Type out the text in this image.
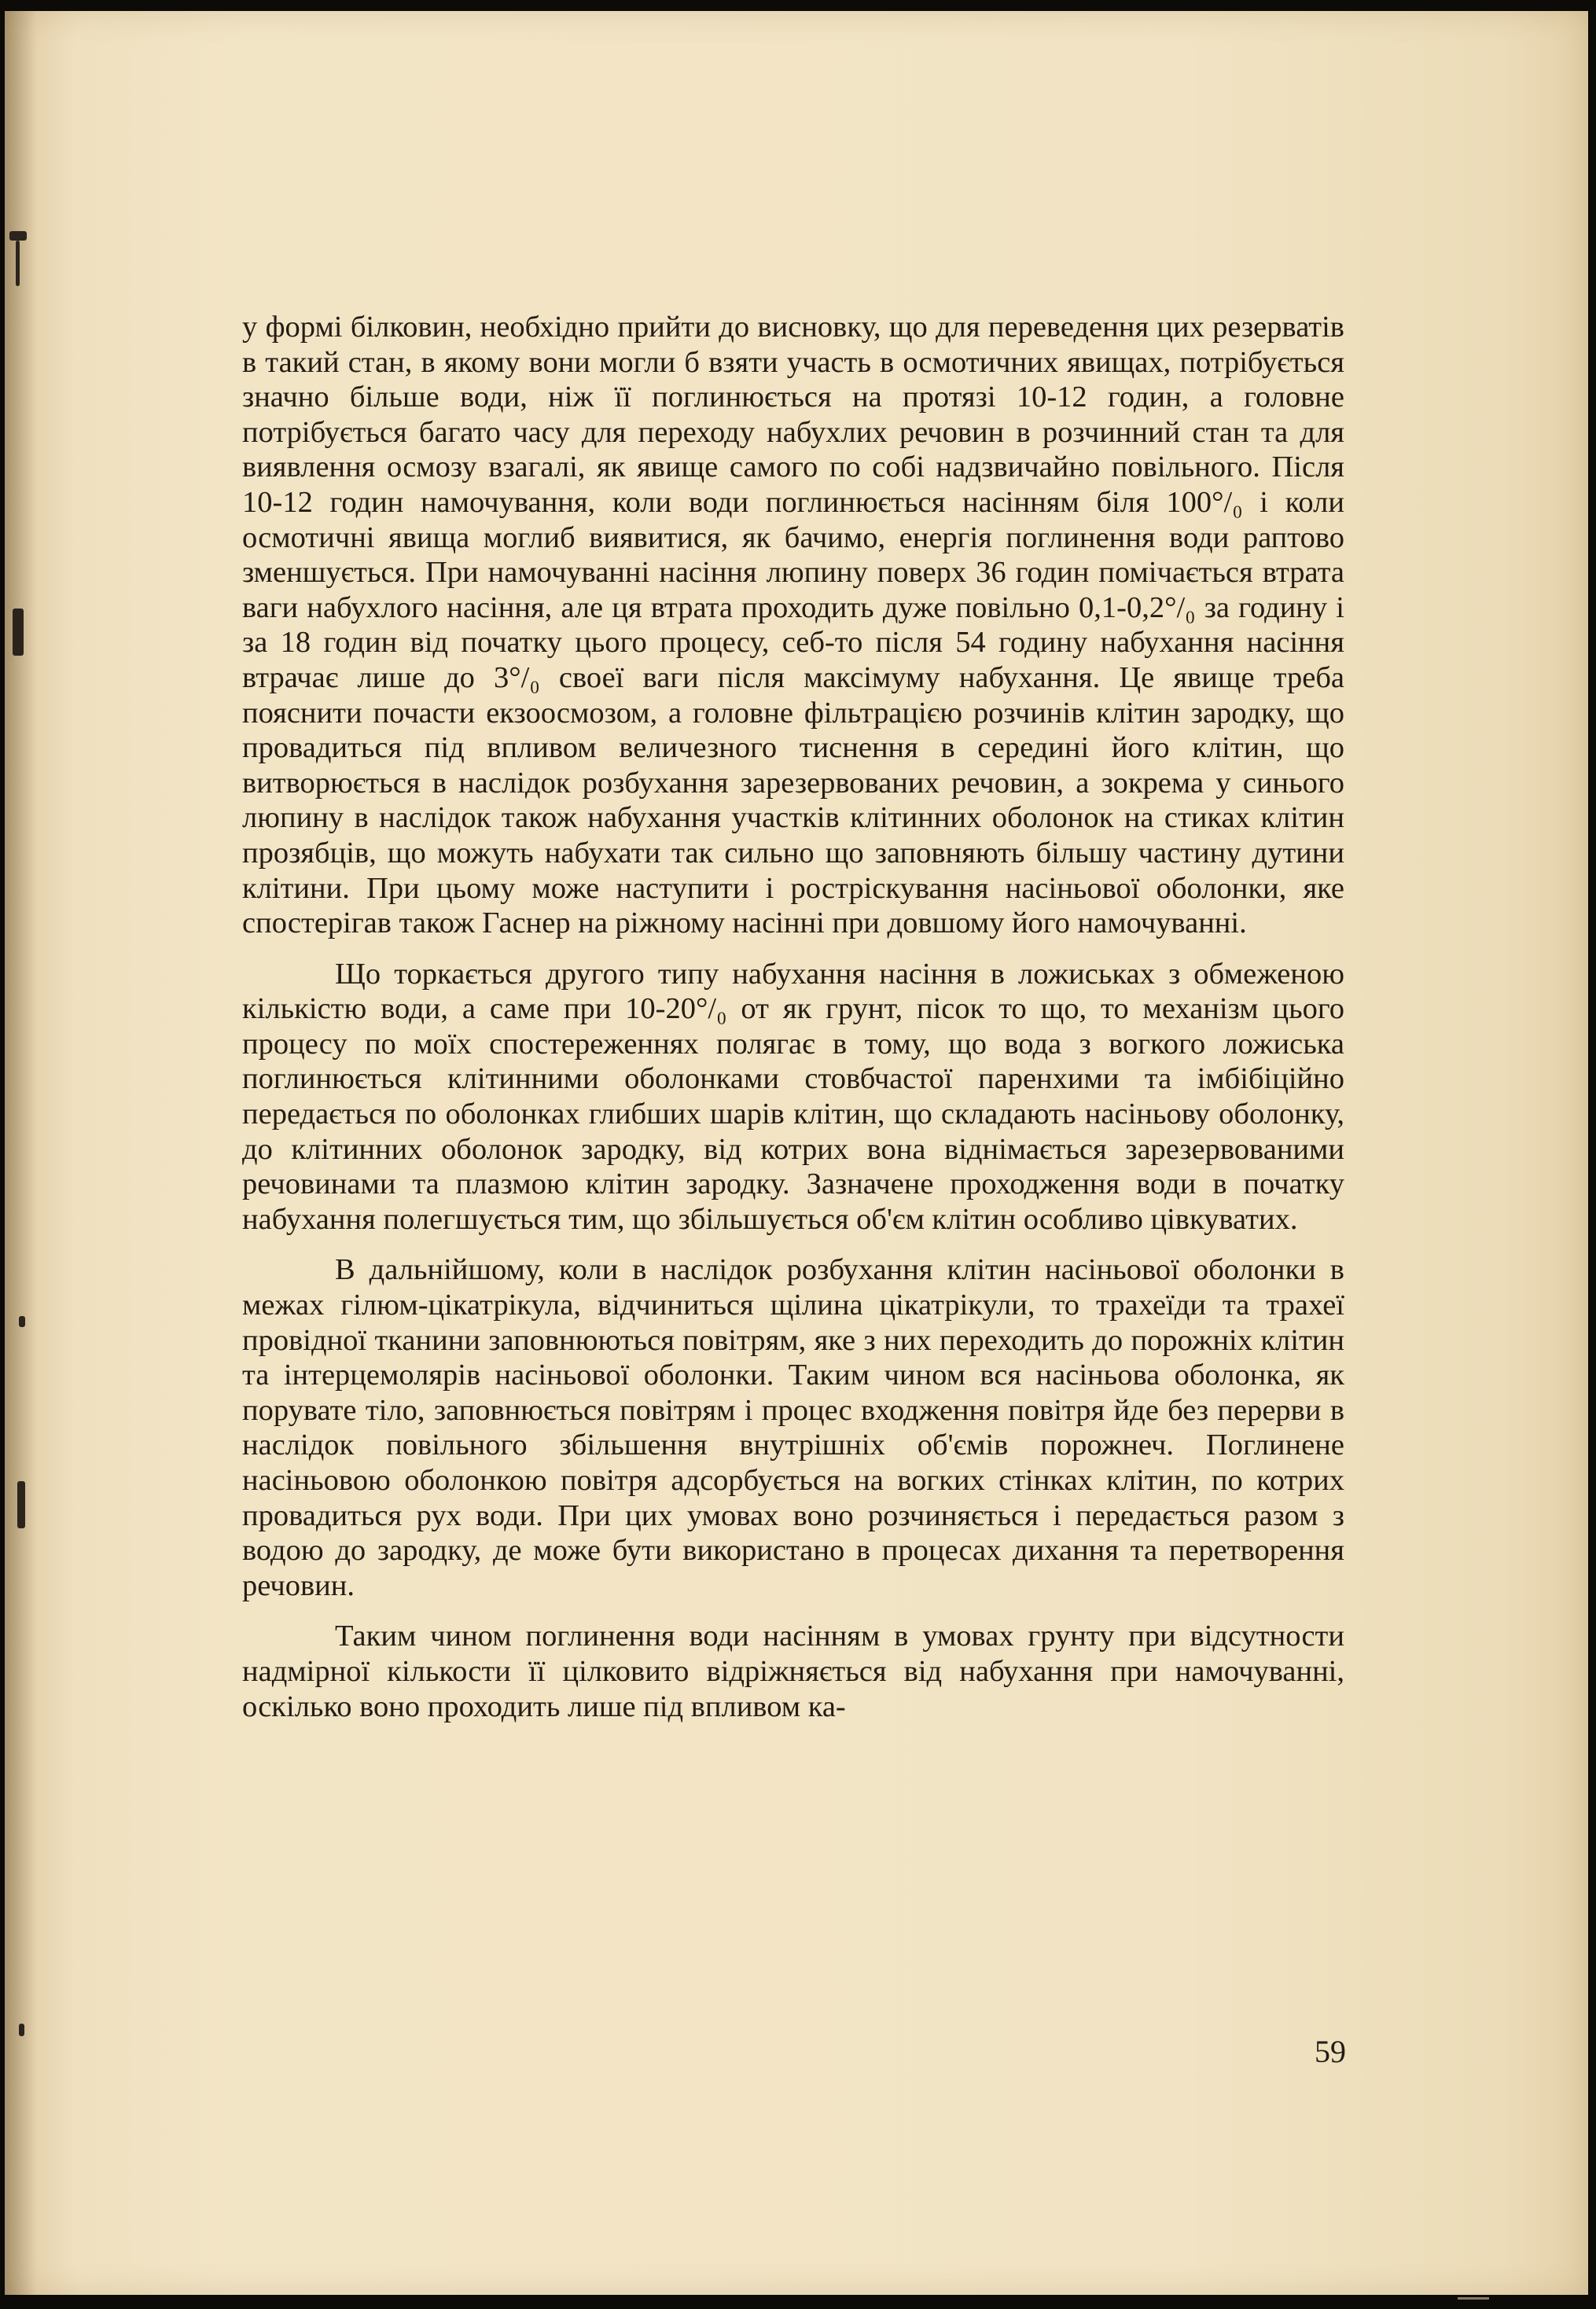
у формі білковин, необхідно прийти до висновку, що для переведення цих резерватів в такий стан, в якому вони могли б взяти участь в осмотичних явищах, потрібується значно більше води, ніж її поглинюється на протязі 10-12 годин, а головне потрібується багато часу для переходу набухлих речовин в розчинний стан та для виявлення осмозу взагалі, як явище самого по собі надзвичайно повільного. Після 10-12 годин намочування, коли води поглинюється насінням біля 100°/₀ і коли осмотичні явища моглиб виявитися, як бачимо, енергія поглинення води раптово зменшується. При намочуванні насіння люпину поверх 36 годин помічається втрата ваги набухлого насіння, але ця втрата проходить дуже повільно 0,1-0,2°/₀ за годину і за 18 годин від початку цього процесу, себ-то після 54 годину набухання насіння втрачає лише до 3°/₀ своеї ваги після максімуму набухання. Це явище треба пояснити почасти екзоосмозом, а головне фільтрацією розчинів клітин зародку, що провадиться під впливом величезного тиснення в середині його клітин, що витворюється в наслідок розбухання зарезервованих речовин, а зокрема у синього люпину в наслідок також набухання участків клітинних оболонок на стиках клітин прозябців, що можуть набухати так сильно що заповняють більшу частину дутини клітини. При цьому може наступити і ростріскування насіньової оболонки, яке спостерігав також Гаснер на ріжному насінні при довшому його намочуванні.

Що торкається другого типу набухання насіння в ложиськах з обмеженою кількістю води, а саме при 10-20°/₀ от як грунт, пісок то що, то механізм цього процесу по моїх спостереженнях полягає в тому, що вода з вогкого ложиська поглинюється клітинними оболонками стовбчастої паренхими та імбібіційно передається по оболонках глибших шарів клітин, що складають насіньову оболонку, до клітинних оболонок зародку, від котрих вона віднімається зарезервованими речовинами та плазмою клітин зародку. Зазначене проходження води в початку набухання полегшується тим, що збільшується об'єм клітин особливо цівкуватих.

В дальнійшому, коли в наслідок розбухання клітин насіньової оболонки в межах гілюм-цікатрікула, відчиниться щілина цікатрікули, то трахеїди та трахеї провідної тканини заповнюються повітрям, яке з них переходить до порожніх клітин та інтерцемолярів насіньової оболонки. Таким чином вся насіньова оболонка, як порувате тіло, заповнюється повітрям і процес входження повітря йде без перерви в наслідок повільного збільшення внутрішніх об'ємів порожнеч. Поглинене насіньовою оболонкою повітря адсорбується на вогких стінках клітин, по котрих провадиться рух води. При цих умовах воно розчиняється і передається разом з водою до зародку, де може бути використано в процесах дихання та перетворення речовин.

Таким чином поглинення води насінням в умовах грунту при відсутности надмірної кількости її цілковито відріжняється від набухання при намочуванні, оскілько воно проходить лише під впливом ка-

59
